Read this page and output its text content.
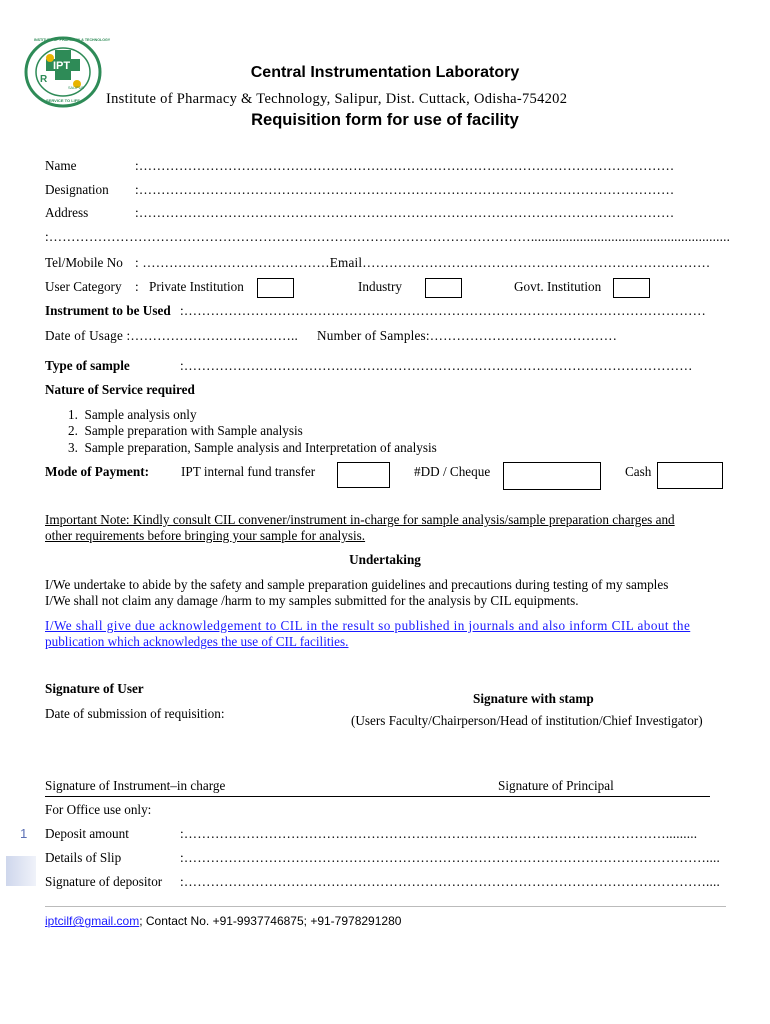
IPT
R
INSTITUTE OF PHARMACY & TECHNOLOGY
SALIPUR
SERVICE TO LIFE
Central Instrumentation Laboratory
Institute of Pharmacy & Technology, Salipur, Dist. Cuttack, Odisha-754202
Requisition form for use of facility
Name	:…………………………………………………………………………………………………………
Designation :…………………………………………………………………………………………………………
Address	:…………………………………………………………………………………………………………
:……………………………………………………………………………………………….........................................................
Tel/Mobile No : ……………………………………Email……………………………………………………………………
User Category : Private Institution	Industry	Govt. Institution
Instrument to be Used :………………………………………………………………………………………………………
Date of Usage :……………………………….. Number of Samples:……………………………………
Type of sample	:……………………………………………………………………………………………………
Nature of Service required
1.  Sample analysis only
2.  Sample preparation with Sample analysis
3.  Sample preparation, Sample analysis and Interpretation of analysis
Mode of Payment: IPT internal fund transfer	#DD / Cheque	Cash
Important Note: Kindly consult CIL convener/instrument in-charge for sample analysis/sample preparation charges and
other requirements before bringing your sample for analysis.
Undertaking
I/We undertake to abide by the safety and sample preparation guidelines and precautions during testing of my samples
I/We shall not claim any damage /harm to my samples submitted for the analysis by CIL equipments.
I/We shall give due acknowledgement to CIL in the result so published in journals and also inform CIL about the
publication which acknowledges the use of CIL facilities.
Signature of User
Date of submission of requisition:
Signature with stamp
(Users Faculty/Chairperson/Head of institution/Chief Investigator)
Signature of Instrument–in charge	Signature of Principal
For Office use only:
1 Deposit amount	:……………………………………………………………………………………………….........
Details of Slip	:………………………………………………………………………………………………………....
Signature of depositor :………………………………………………………………………………………………………....
iptcilf@gmail.com; Contact No. +91-9937746875; +91-7978291280
